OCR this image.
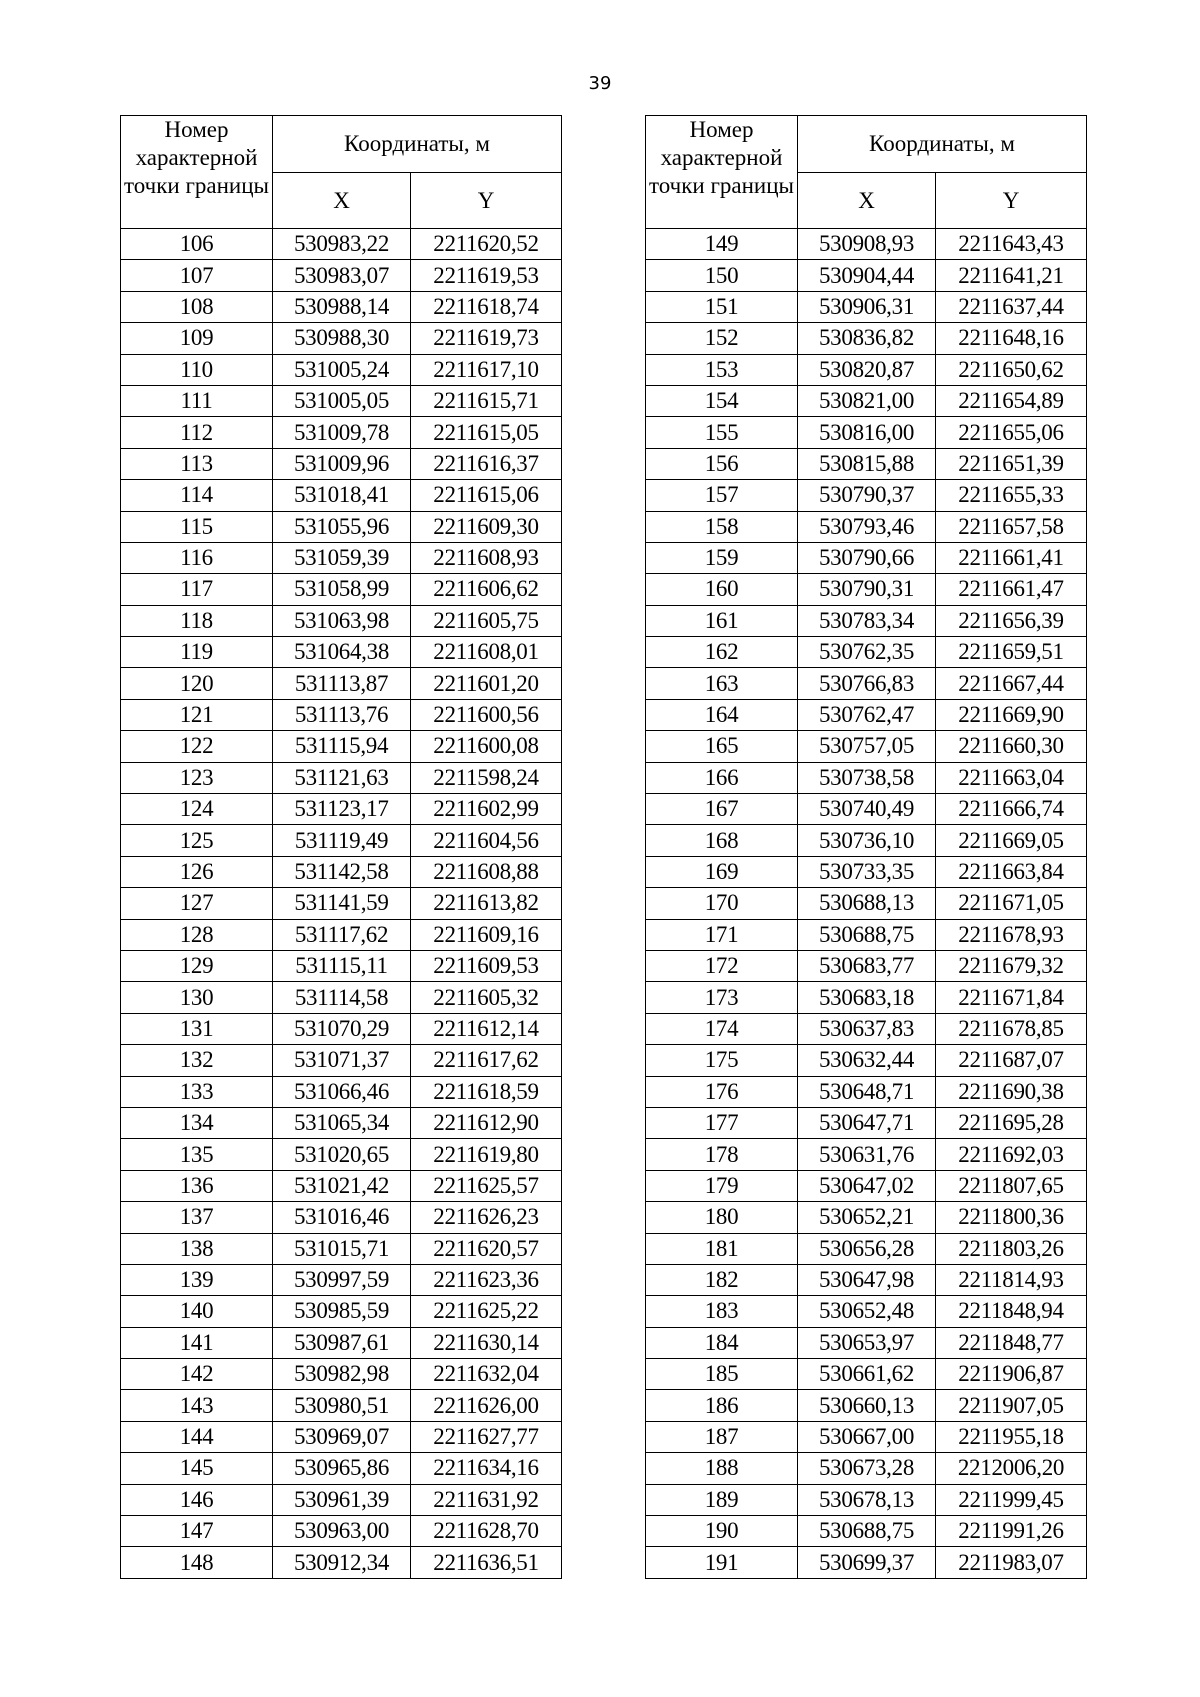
39
Номер характерной точки границы	Координаты, м	
	X	Y
106	530983,22	2211620,52
107	530983,07	2211619,53
108	530988,14	2211618,74
109	530988,30	2211619,73
110	531005,24	2211617,10
111	531005,05	2211615,71
112	531009,78	2211615,05
113	531009,96	2211616,37
114	531018,41	2211615,06
115	531055,96	2211609,30
116	531059,39	2211608,93
117	531058,99	2211606,62
118	531063,98	2211605,75
119	531064,38	2211608,01
120	531113,87	2211601,20
121	531113,76	2211600,56
122	531115,94	2211600,08
123	531121,63	2211598,24
124	531123,17	2211602,99
125	531119,49	2211604,56
126	531142,58	2211608,88
127	531141,59	2211613,82
128	531117,62	2211609,16
129	531115,11	2211609,53
130	531114,58	2211605,32
131	531070,29	2211612,14
132	531071,37	2211617,62
133	531066,46	2211618,59
134	531065,34	2211612,90
135	531020,65	2211619,80
136	531021,42	2211625,57
137	531016,46	2211626,23
138	531015,71	2211620,57
139	530997,59	2211623,36
140	530985,59	2211625,22
141	530987,61	2211630,14
142	530982,98	2211632,04
143	530980,51	2211626,00
144	530969,07	2211627,77
145	530965,86	2211634,16
146	530961,39	2211631,92
147	530963,00	2211628,70
148	530912,34	2211636,51
Номер характерной точки границы	Координаты, м	
	X	Y
149	530908,93	2211643,43
150	530904,44	2211641,21
151	530906,31	2211637,44
152	530836,82	2211648,16
153	530820,87	2211650,62
154	530821,00	2211654,89
155	530816,00	2211655,06
156	530815,88	2211651,39
157	530790,37	2211655,33
158	530793,46	2211657,58
159	530790,66	2211661,41
160	530790,31	2211661,47
161	530783,34	2211656,39
162	530762,35	2211659,51
163	530766,83	2211667,44
164	530762,47	2211669,90
165	530757,05	2211660,30
166	530738,58	2211663,04
167	530740,49	2211666,74
168	530736,10	2211669,05
169	530733,35	2211663,84
170	530688,13	2211671,05
171	530688,75	2211678,93
172	530683,77	2211679,32
173	530683,18	2211671,84
174	530637,83	2211678,85
175	530632,44	2211687,07
176	530648,71	2211690,38
177	530647,71	2211695,28
178	530631,76	2211692,03
179	530647,02	2211807,65
180	530652,21	2211800,36
181	530656,28	2211803,26
182	530647,98	2211814,93
183	530652,48	2211848,94
184	530653,97	2211848,77
185	530661,62	2211906,87
186	530660,13	2211907,05
187	530667,00	2211955,18
188	530673,28	2212006,20
189	530678,13	2211999,45
190	530688,75	2211991,26
191	530699,37	2211983,07
